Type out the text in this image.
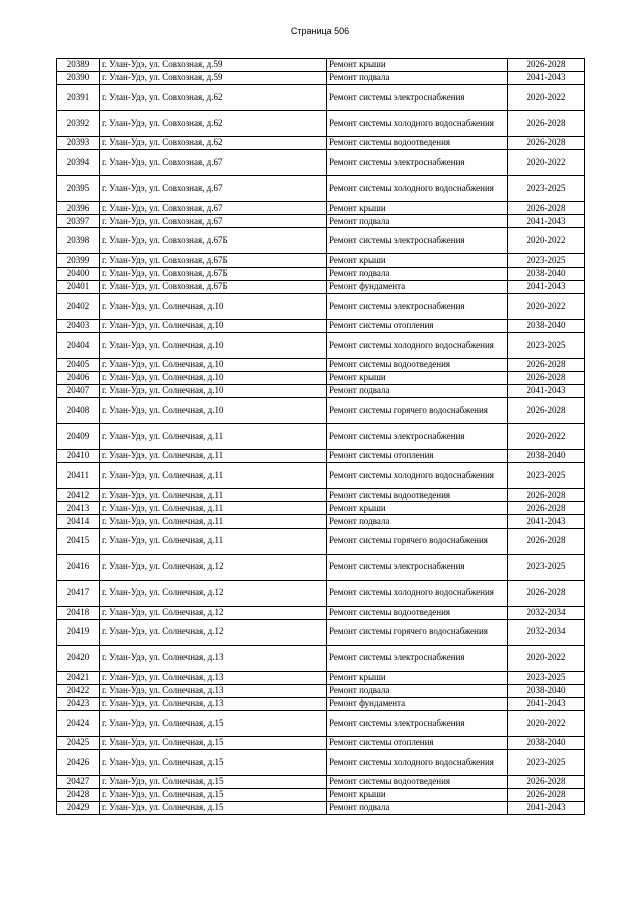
Страница 506
20389	г. Улан-Удэ, ул. Совхозная, д.59	Ремонт крыши	2026-2028
20390	г. Улан-Удэ, ул. Совхозная, д.59	Ремонт подвала	2041-2043
20391	г. Улан-Удэ, ул. Совхозная, д.62	Ремонт системы электроснабжения	2020-2022
20392	г. Улан-Удэ, ул. Совхозная, д.62	Ремонт системы холодного водоснабжения	2026-2028
20393	г. Улан-Удэ, ул. Совхозная, д.62	Ремонт системы водоотведения	2026-2028
20394	г. Улан-Удэ, ул. Совхозная, д.67	Ремонт системы электроснабжения	2020-2022
20395	г. Улан-Удэ, ул. Совхозная, д.67	Ремонт системы холодного водоснабжения	2023-2025
20396	г. Улан-Удэ, ул. Совхозная, д.67	Ремонт крыши	2026-2028
20397	г. Улан-Удэ, ул. Совхозная, д.67	Ремонт подвала	2041-2043
20398	г. Улан-Удэ, ул. Совхозная, д.67Б	Ремонт системы электроснабжения	2020-2022
20399	г. Улан-Удэ, ул. Совхозная, д.67Б	Ремонт крыши	2023-2025
20400	г. Улан-Удэ, ул. Совхозная, д.67Б	Ремонт подвала	2038-2040
20401	г. Улан-Удэ, ул. Совхозная, д.67Б	Ремонт фундамента	2041-2043
20402	г. Улан-Удэ, ул. Солнечная, д.10	Ремонт системы электроснабжения	2020-2022
20403	г. Улан-Удэ, ул. Солнечная, д.10	Ремонт системы отопления	2038-2040
20404	г. Улан-Удэ, ул. Солнечная, д.10	Ремонт системы холодного водоснабжения	2023-2025
20405	г. Улан-Удэ, ул. Солнечная, д.10	Ремонт системы водоотведения	2026-2028
20406	г. Улан-Удэ, ул. Солнечная, д.10	Ремонт крыши	2026-2028
20407	г. Улан-Удэ, ул. Солнечная, д.10	Ремонт подвала	2041-2043
20408	г. Улан-Удэ, ул. Солнечная, д.10	Ремонт системы горячего водоснабжения	2026-2028
20409	г. Улан-Удэ, ул. Солнечная, д.11	Ремонт системы электроснабжения	2020-2022
20410	г. Улан-Удэ, ул. Солнечная, д.11	Ремонт системы отопления	2038-2040
20411	г. Улан-Удэ, ул. Солнечная, д.11	Ремонт системы холодного водоснабжения	2023-2025
20412	г. Улан-Удэ, ул. Солнечная, д.11	Ремонт системы водоотведения	2026-2028
20413	г. Улан-Удэ, ул. Солнечная, д.11	Ремонт крыши	2026-2028
20414	г. Улан-Удэ, ул. Солнечная, д.11	Ремонт подвала	2041-2043
20415	г. Улан-Удэ, ул. Солнечная, д.11	Ремонт системы горячего водоснабжения	2026-2028
20416	г. Улан-Удэ, ул. Солнечная, д.12	Ремонт системы электроснабжения	2023-2025
20417	г. Улан-Удэ, ул. Солнечная, д.12	Ремонт системы холодного водоснабжения	2026-2028
20418	г. Улан-Удэ, ул. Солнечная, д.12	Ремонт системы водоотведения	2032-2034
20419	г. Улан-Удэ, ул. Солнечная, д.12	Ремонт системы горячего водоснабжения	2032-2034
20420	г. Улан-Удэ, ул. Солнечная, д.13	Ремонт системы электроснабжения	2020-2022
20421	г. Улан-Удэ, ул. Солнечная, д.13	Ремонт крыши	2023-2025
20422	г. Улан-Удэ, ул. Солнечная, д.13	Ремонт подвала	2038-2040
20423	г. Улан-Удэ, ул. Солнечная, д.13	Ремонт фундамента	2041-2043
20424	г. Улан-Удэ, ул. Солнечная, д.15	Ремонт системы электроснабжения	2020-2022
20425	г. Улан-Удэ, ул. Солнечная, д.15	Ремонт системы отопления	2038-2040
20426	г. Улан-Удэ, ул. Солнечная, д.15	Ремонт системы холодного водоснабжения	2023-2025
20427	г. Улан-Удэ, ул. Солнечная, д.15	Ремонт системы водоотведения	2026-2028
20428	г. Улан-Удэ, ул. Солнечная, д.15	Ремонт крыши	2026-2028
20429	г. Улан-Удэ, ул. Солнечная, д.15	Ремонт подвала	2041-2043
